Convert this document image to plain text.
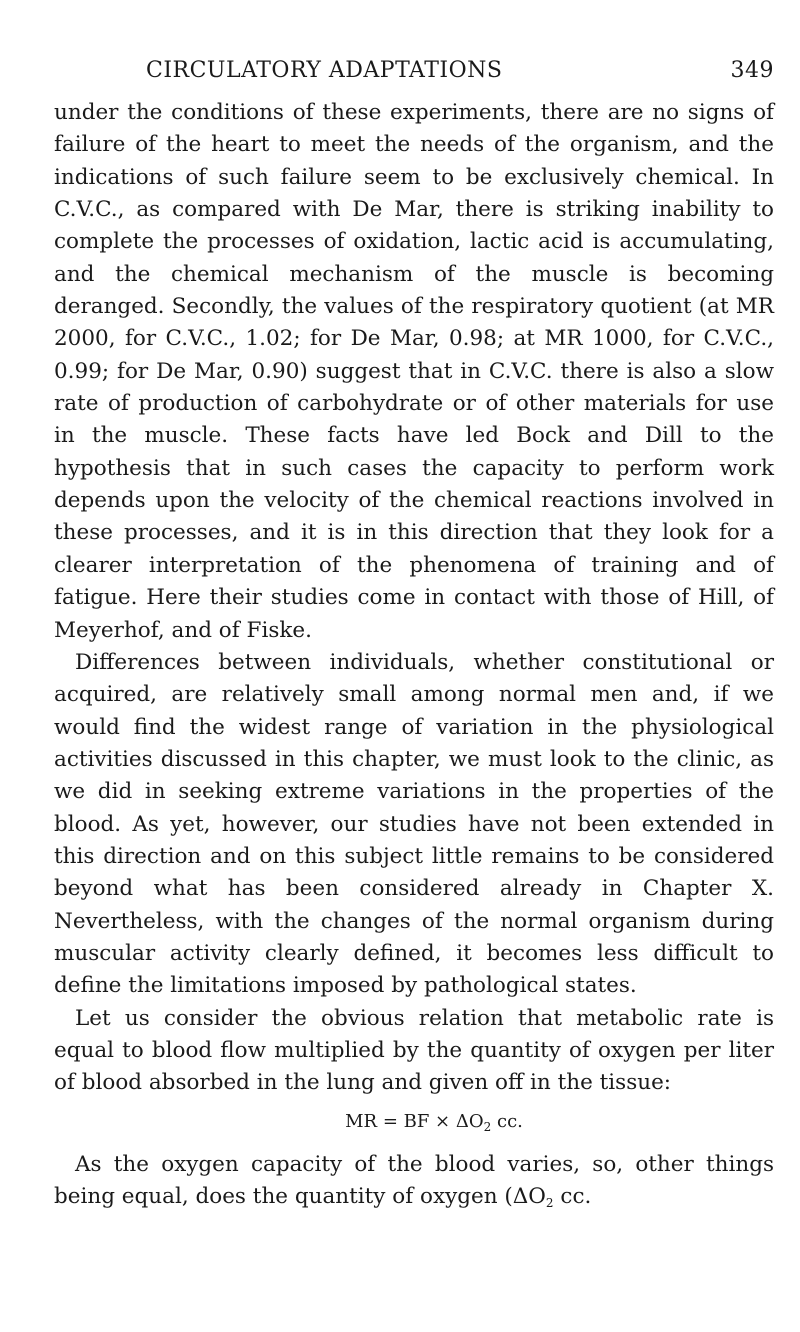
CIRCULATORY ADAPTATIONS	349

under the conditions of these experiments, there are no signs of failure of the heart to meet the needs of the organism, and the indications of such failure seem to be exclusively chemical. In C.V.C., as compared with De Mar, there is striking inability to complete the processes of oxidation, lactic acid is accumulating, and the chemical mechanism of the muscle is becoming deranged. Secondly, the values of the respiratory quotient (at MR 2000, for C.V.C., 1.02; for De Mar, 0.98; at MR 1000, for C.V.C., 0.99; for De Mar, 0.90) suggest that in C.V.C. there is also a slow rate of production of carbohydrate or of other materials for use in the muscle. These facts have led Bock and Dill to the hypothesis that in such cases the capacity to perform work depends upon the velocity of the chemical reactions involved in these processes, and it is in this direction that they look for a clearer interpretation of the phenomena of training and of fatigue. Here their studies come in contact with those of Hill, of Meyerhof, and of Fiske.

Differences between individuals, whether constitutional or acquired, are relatively small among normal men and, if we would find the widest range of variation in the physiological activities discussed in this chapter, we must look to the clinic, as we did in seeking extreme variations in the properties of the blood. As yet, however, our studies have not been extended in this direction and on this subject little remains to be considered beyond what has been considered already in Chapter X. Nevertheless, with the changes of the normal organism during muscular activity clearly defined, it becomes less difficult to define the limitations imposed by pathological states.

Let us consider the obvious relation that metabolic rate is equal to blood flow multiplied by the quantity of oxygen per liter of blood absorbed in the lung and given off in the tissue:

MR = BF × $\Delta O_2$ cc.

As the oxygen capacity of the blood varies, so, other things being equal, does the quantity of oxygen ($\Delta O_2$ cc.
